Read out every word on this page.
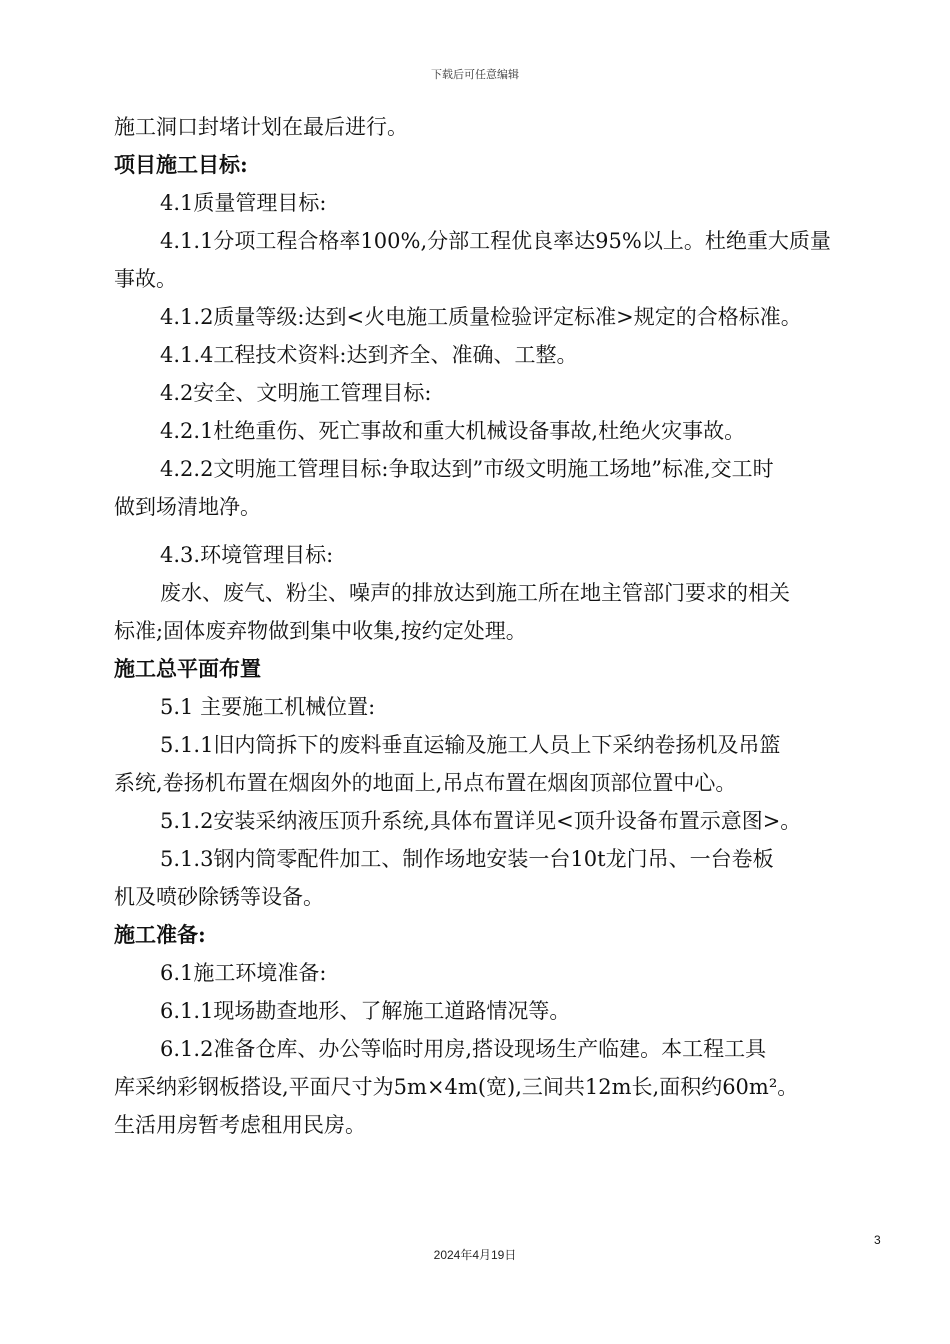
下载后可任意编辑
施工洞口封堵计划在最后进行。
项目施工目标:
4.1质量管理目标:
4.1.1分项工程合格率100%,分部工程优良率达95%以上。杜绝重大质量
事故。
4.1.2质量等级:达到<火电施工质量检验评定标准>规定的合格标准。
4.1.4工程技术资料:达到齐全、准确、工整。
4.2安全、文明施工管理目标:
4.2.1杜绝重伤、死亡事故和重大机械设备事故,杜绝火灾事故。
4.2.2文明施工管理目标:争取达到”市级文明施工场地”标准,交工时
做到场清地净。
4.3.环境管理目标:
废水、废气、粉尘、噪声的排放达到施工所在地主管部门要求的相关
标准;固体废弃物做到集中收集,按约定处理。
施工总平面布置
5.1 主要施工机械位置:
5.1.1旧内筒拆下的废料垂直运输及施工人员上下采纳卷扬机及吊篮
系统,卷扬机布置在烟囱外的地面上,吊点布置在烟囱顶部位置中心。
5.1.2安装采纳液压顶升系统,具体布置详见<顶升设备布置示意图>。
5.1.3钢内筒零配件加工、制作场地安装一台10t龙门吊、一台卷板
机及喷砂除锈等设备。
施工准备:
6.1施工环境准备:
6.1.1现场勘查地形、了解施工道路情况等。
6.1.2准备仓库、办公等临时用房,搭设现场生产临建。本工程工具
库采纳彩钢板搭设,平面尺寸为5m×4m(宽),三间共12m长,面积约60m²。
生活用房暂考虑租用民房。
3
2024年4月19日
